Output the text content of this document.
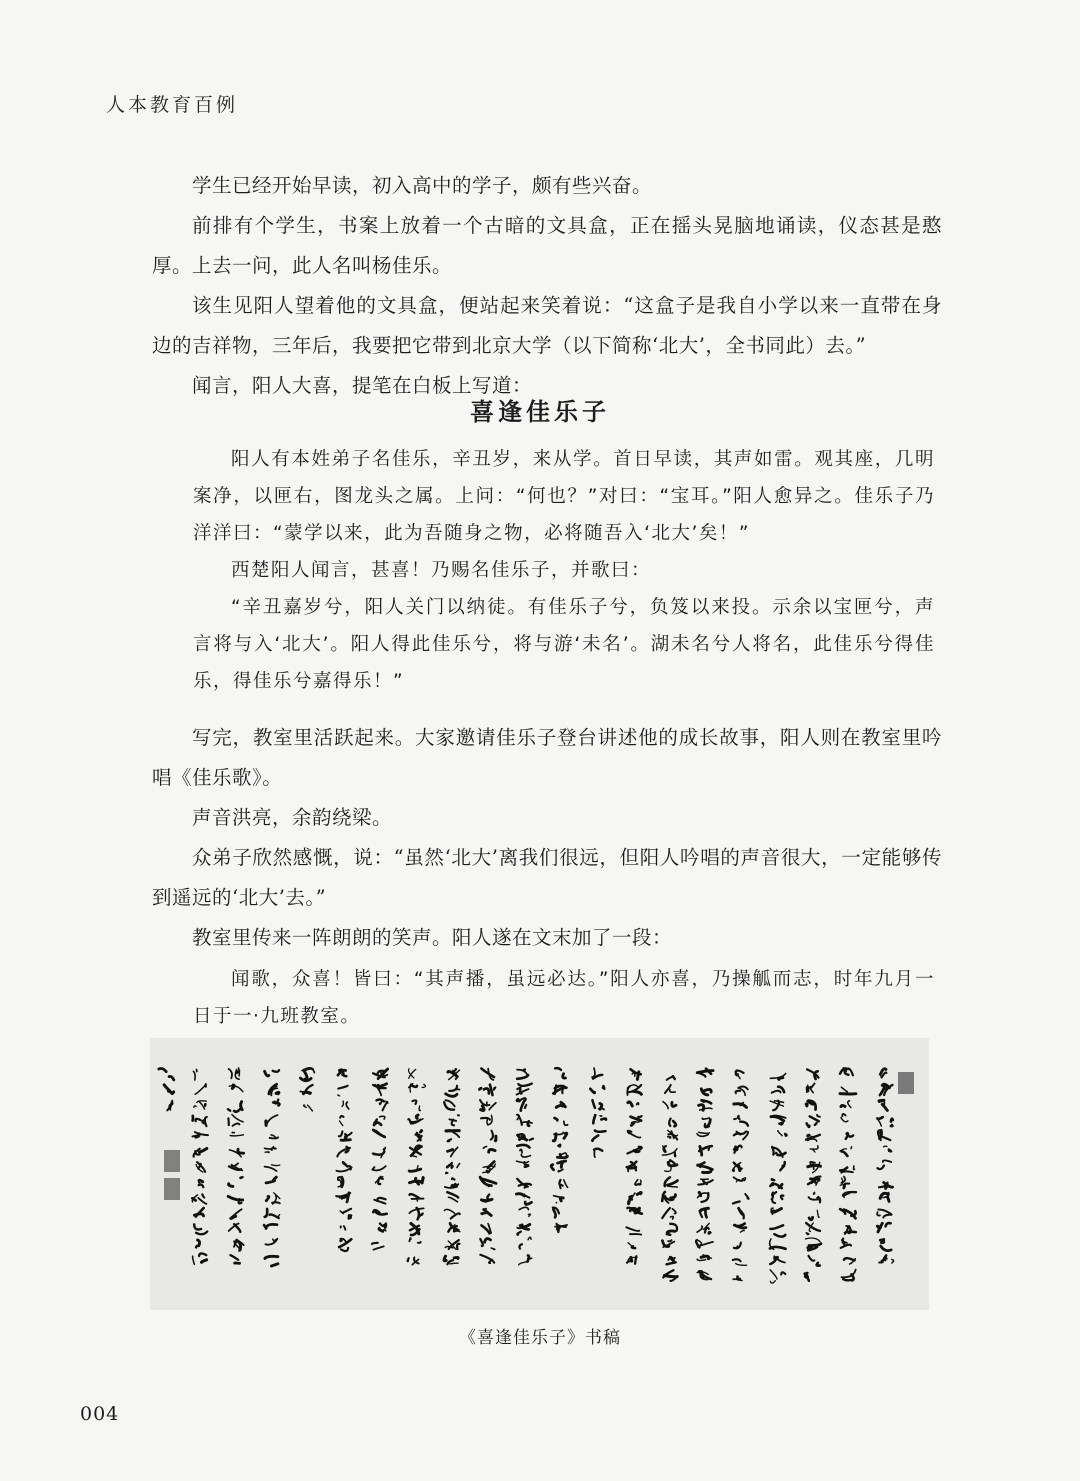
人本教育百例

学生已经开始早读，初入高中的学子，颇有些兴奋。

前排有个学生，书案上放着一个古暗的文具盒，正在摇头晃脑地诵读，仪态甚是憨厚。上去一问，此人名叫杨佳乐。

该生见阳人望着他的文具盒，便站起来笑着说：“这盒子是我自小学以来一直带在身边的吉祥物，三年后，我要把它带到北京大学（以下简称‘北大’，全书同此）去。”

闻言，阳人大喜，提笔在白板上写道：

喜逢佳乐子

阳人有本姓弟子名佳乐，辛丑岁，来从学。首日早读，其声如雷。观其座，几明案净，以匣右，图龙头之属。上问：“何也？”对曰：“宝耳。”阳人愈异之。佳乐子乃洋洋曰：“蒙学以来，此为吾随身之物，必将随吾入‘北大’矣！”

西楚阳人闻言，甚喜！乃赐名佳乐子，并歌曰：

“辛丑嘉岁兮，阳人关门以纳徒。有佳乐子兮，负笈以来投。示余以宝匣兮，声言将与入‘北大’。阳人得此佳乐兮，将与游‘未名’。湖未名兮人将名，此佳乐兮得佳乐，得佳乐兮嘉得乐！”

写完，教室里活跃起来。大家邀请佳乐子登台讲述他的成长故事，阳人则在教室里吟唱《佳乐歌》。

声音洪亮，余韵绕梁。

众弟子欣然感慨，说：“虽然‘北大’离我们很远，但阳人吟唱的声音很大，一定能够传到遥远的‘北大’去。”

教室里传来一阵朗朗的笑声。阳人遂在文末加了一段：

闻歌，众喜！皆曰：“其声播，虽远必达。”阳人亦喜，乃操觚而志，时年九月一日于一·九班教室。

《喜逢佳乐子》书稿
004
